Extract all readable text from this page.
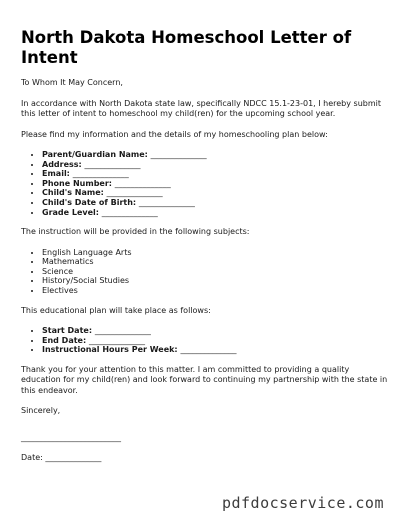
North Dakota Homeschool Letter of Intent

To Whom It May Concern,

In accordance with North Dakota state law, specifically NDCC 15.1-23-01, I hereby submit this letter of intent to homeschool my child(ren) for the upcoming school year.

Please find my information and the details of my homeschooling plan below:

• Parent/Guardian Name: ______________
• Address: ______________
• Email: ______________
• Phone Number: ______________
• Child's Name: ______________
• Child's Date of Birth: ______________
• Grade Level: ______________

The instruction will be provided in the following subjects:

• English Language Arts
• Mathematics
• Science
• History/Social Studies
• Electives

This educational plan will take place as follows:

• Start Date: ______________
• End Date: ______________
• Instructional Hours Per Week: ______________

Thank you for your attention to this matter. I am committed to providing a quality education for my child(ren) and look forward to continuing my partnership with the state in this endeavor.

Sincerely,

_________________________
Date: ______________
pdfdocservice.com
